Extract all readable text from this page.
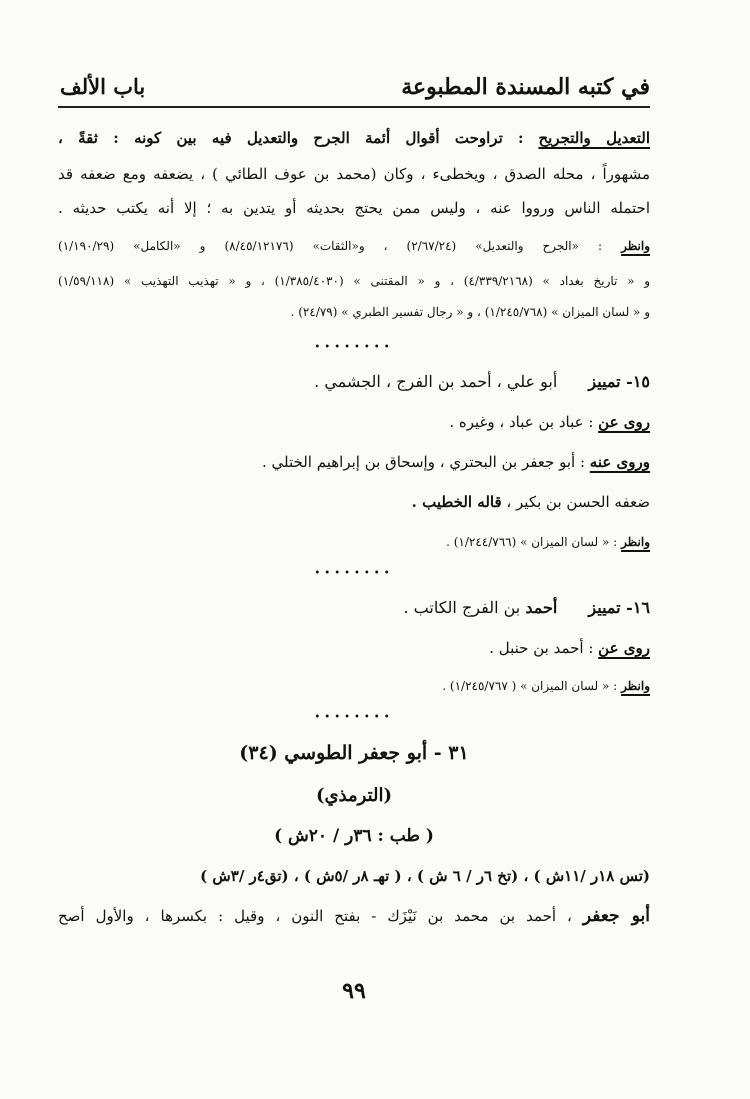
في كتبه المسندة المطبوعة
باب الألف
التعديل والتجريح : تراوحت أقوال أئمة الجرح والتعديل فيه بين كونه : ثقةً ،
مشهوراً ، محله الصدق ، ويخطىء ، وكان (محمد بن عوف الطائي ) ، يضعفه ومع ضعفه قد
احتمله الناس ورووا عنه ، وليس ممن يحتج بحديثه أو يتدين به ؛ إلا أنه يكتب حديثه .
وانظر : «الجرح والتعديل» (٢/٦٧/٢٤) ، و«الثقات» (٨/٤٥/١٢١٧٦) و «الكامل» (١/١٩٠/٢٩)
و « تاريخ بغداد » (٤/٣٣٩/٢١٦٨) ، و « المقتنى » (١/٣٨٥/٤٠٣٠) ، و « تهذيب التهذيب » (١/٥٩/١١٨)
و « لسان الميزان » (١/٢٤٥/٧٦٨) ، و « رجال تفسير الطبري » (٢٤/٧٩) .
••••••••
١٥- تمييز أبو علي ، أحمد بن الفرج ، الجشمي .
روى عن : عباد بن عباد ، وغيره .
وروى عنه : أبو جعفر بن البحتري ، وإسحاق بن إبراهيم الختلي .
ضعفه الحسن بن بكير ، قاله الخطيب .
وانظر : « لسان الميزان » (١/٢٤٤/٧٦٦) .
••••••••
١٦- تمييز أحمد بن الفرج الكاتب .
روى عن : أحمد بن حنبل .
وانظر : « لسان الميزان » ( ١/٢٤٥/٧٦٧) .
••••••••
٣١ - أبو جعفر الطوسي (٣٤)
(الترمذي)
( طب : ٣٦ر / ٢٠ش )
(تس ١٨ر /١١ش ) ، (تخ ٦ر / ٦ ش ) ، ( تهـ ٨ر /٥ش ) ، (تق٤ر /٣ش )
أبو جعفر ، أحمد بن محمد بن نَيْزَك - بفتح النون ، وقيل : بكسرها ، والأول أصح
٩٩
